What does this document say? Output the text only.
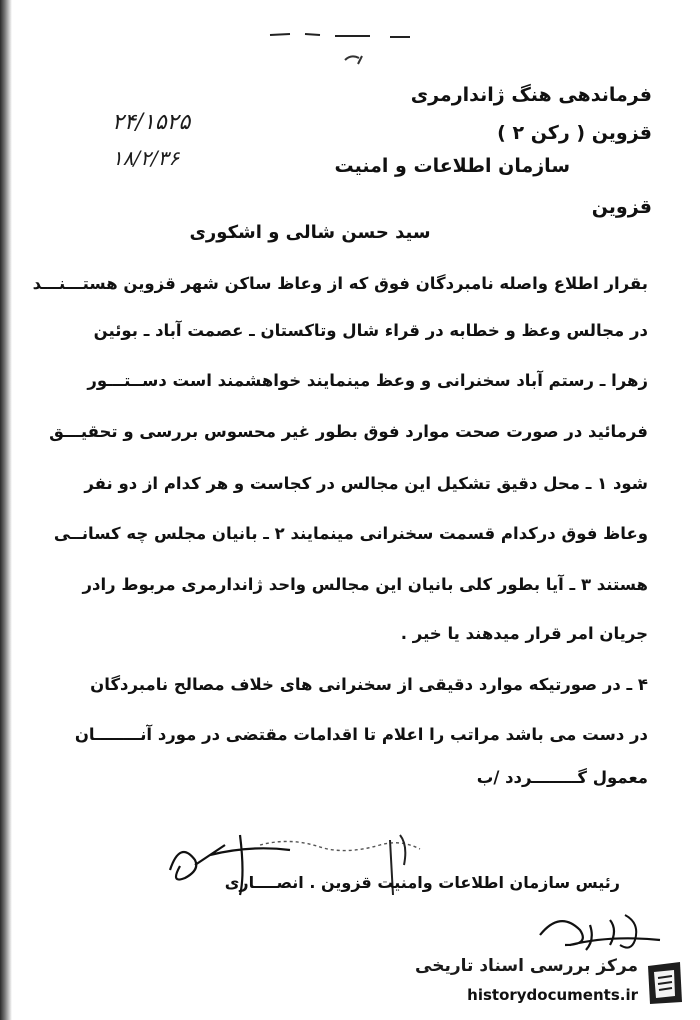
فرماندهی هنگ ژاندارمری
قزوین ( رکن ۲ )
سازمان اطلاعات و امنیت
قزوین
۲۴/۱۵۲۵
۱۸/۲/۳۶
سید حسن شالی و اشکوری
بقرار اطلاع واصله نامبردگان فوق که از وعاظ ساکن شهر قزوین هستـــنـــد
در مجالس وعظ و خطابه در قراء شال وتاکستان ـ عصمت آباد ـ بوئین
زهرا ـ رستم آباد سخنرانی و وعظ مینمایند خواهشمند است دســتـــور
فرمائید در صورت صحت موارد فوق بطور غیر محسوس بررسی و تحقیـــق
شود ۱ ـ محل دقیق تشکیل این مجالس در کجاست و هر کدام از دو نفر
وعاظ فوق درکدام قسمت سخنرانی مینمایند ۲ ـ بانیان مجلس چه کسانــی
هستند ۳ ـ آیا بطور کلی بانیان این مجالس واحد ژاندارمری مربوط رادر
جریان امر قرار میدهند یا خیر .
۴ ـ در صورتیکه موارد دقیقی از سخنرانی های خلاف مصالح نامبردگان
در دست می باشد مراتب را اعلام تا اقدامات مقتضی در مورد آنــــــــان
معمول گــــــــردد /ب
رئیس سازمان اطلاعات وامنیت قزوین . انصــــاری
مرکز بررسی اسناد تاریخی
historydocuments.ir
